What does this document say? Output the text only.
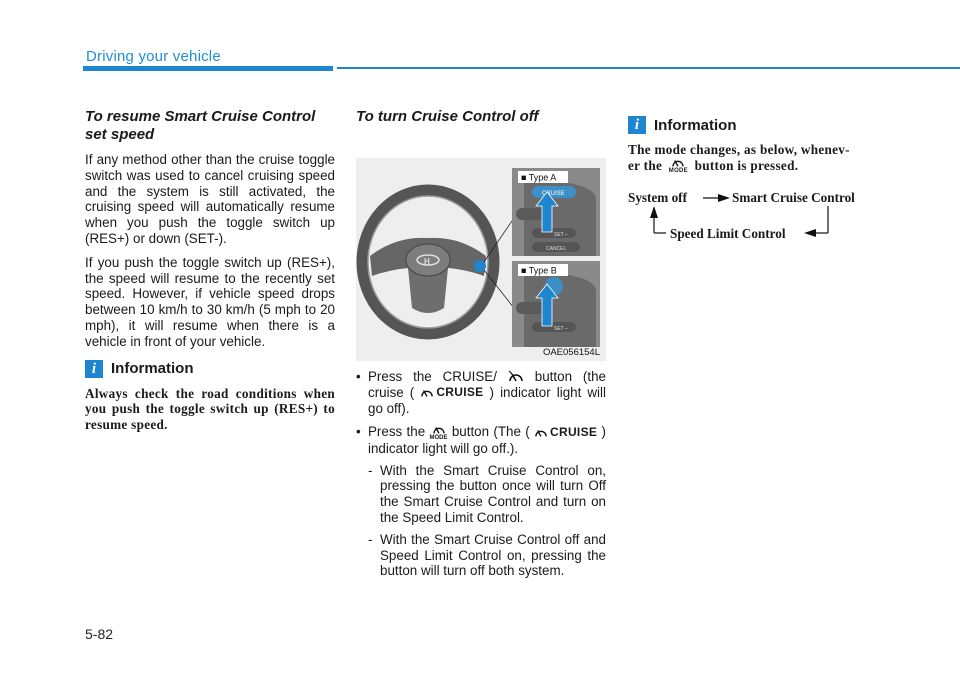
Driving your vehicle
To resume Smart Cruise Control set speed

If any method other than the cruise toggle switch was used to cancel cruising speed and the system is still activated, the cruising speed will automatically resume when you push the toggle switch up (RES+) or down (SET-).

If you push the toggle switch up (RES+), the speed will resume to the recently set speed. However, if vehicle speed drops between 10 km/h to 30 km/h (5 mph to 20 mph), it will resume when there is a vehicle in front of your vehicle.

i Information

Always check the road conditions when you push the toggle switch up (RES+) to resume speed.

To turn Cruise Control off
H
CRUISE
SET –
CANCEL
■ Type A
SET –
■ Type B
OAE056154L
• Press the CRUISE/	button (the cruise ( CRUISE ) indicator light will go off).
• Press the MODE button (The ( CRUISE ) indicator light will go off.).
- With the Smart Cruise Control on, pressing the button once will turn Off the Smart Cruise Control and turn on the Speed Limit Control.
- With the Smart Cruise Control off and Speed Limit Control on, pressing the button will turn off both system.
i Information

The mode changes, as below, whenev-

er the MODE button is pressed.

System off	Smart Cruise Control
Speed Limit Control
5-82
